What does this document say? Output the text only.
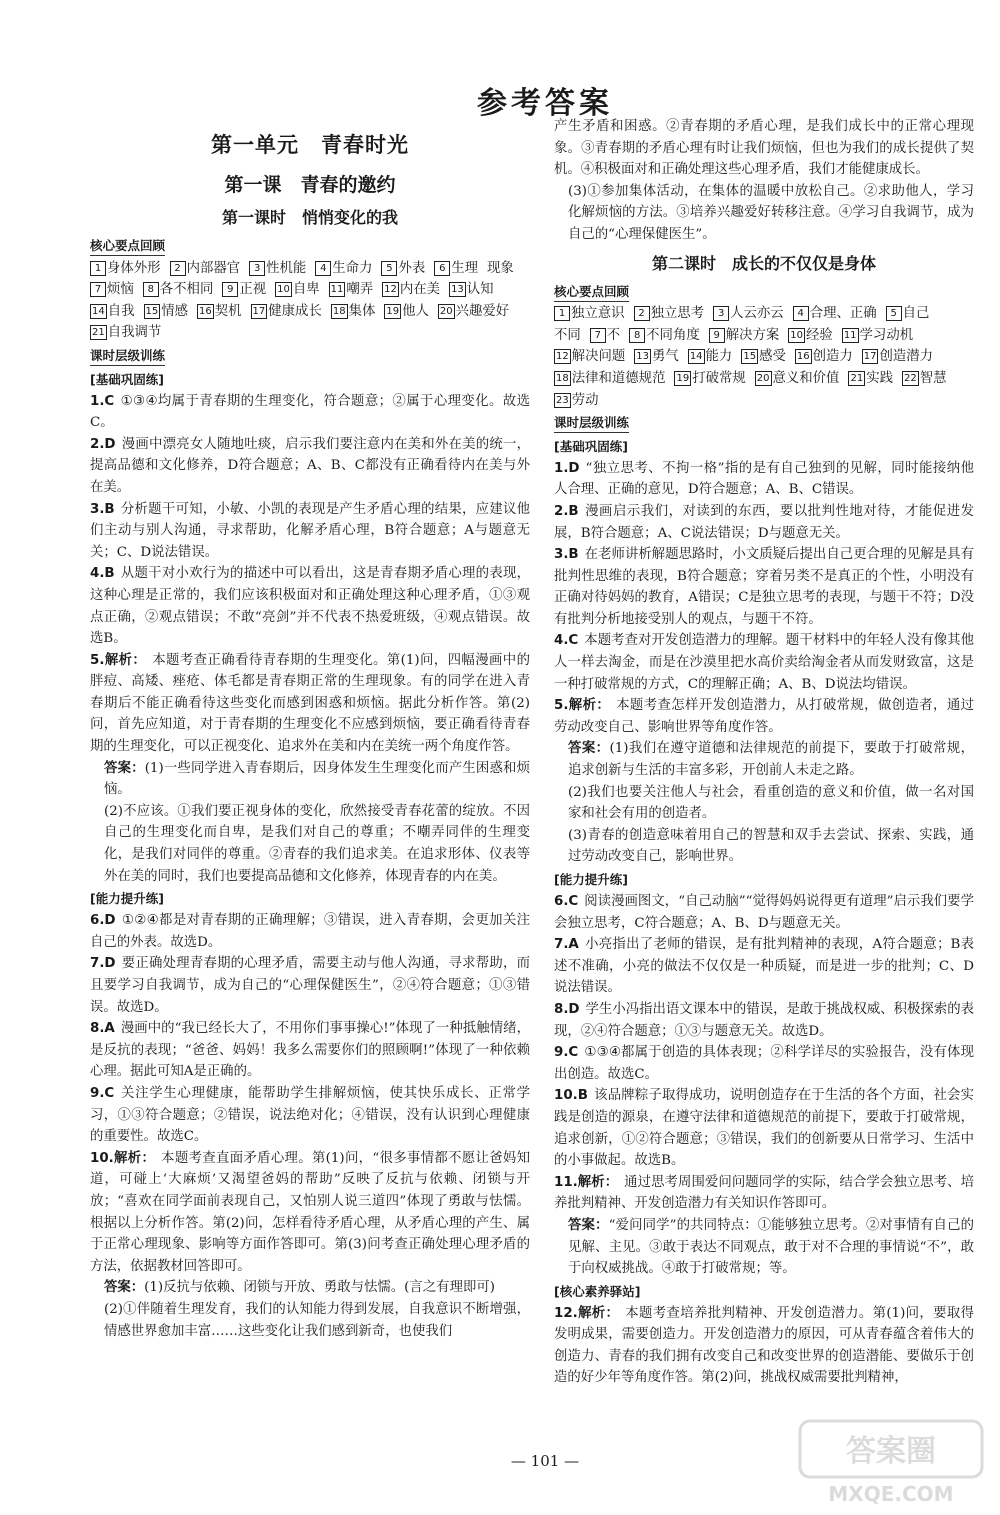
参考答案
第一单元　青春时光
第一课　青春的邀约
第一课时　悄悄变化的我
核心要点回顾
1 身体外形	2 内部器官	3 性机能	4 生命力	5 外表	6 生理 现象
7 烦恼	8 各不相同	9 正视 10 自卑 11 嘲弄 12 内在美 13 认知
14 自我 15 情感 16 契机 17 健康成长 18 集体 19 他人 20 兴趣爱好
21 自我调节
课时层级训练
[基础巩固练]
1.C ①③④均属于青春期的生理变化，符合题意；②属于心理变化。故选C。
2.D 漫画中漂亮女人随地吐痰，启示我们要注意内在美和外在美的统一，提高品德和文化修养，D符合题意；A、B、C都没有正确看待内在美与外在美。
3.B 分析题干可知，小敏、小凯的表现是产生矛盾心理的结果，应建议他们主动与别人沟通，寻求帮助，化解矛盾心理，B符合题意；A与题意无关；C、D说法错误。
4.B 从题干对小欢行为的描述中可以看出，这是青春期矛盾心理的表现，这种心理是正常的，我们应该积极面对和正确处理这种心理矛盾，①③观点正确，②观点错误；不敢“亮剑”并不代表不热爱班级，④观点错误。故选B。
5.解析： 本题考查正确看待青春期的生理变化。第(1)问，四幅漫画中的胖痘、高矮、痤疮、体毛都是青春期正常的生理现象。有的同学在进入青春期后不能正确看待这些变化而感到困惑和烦恼。据此分析作答。第(2)问，首先应知道，对于青春期的生理变化不应感到烦恼，要正确看待青春期的生理变化，可以正视变化、追求外在美和内在美统一两个角度作答。
答案：(1)一些同学进入青春期后，因身体发生生理变化而产生困惑和烦恼。
(2)不应该。①我们要正视身体的变化，欣然接受青春花蕾的绽放。不因自己的生理变化而自卑，是我们对自己的尊重；不嘲弄同伴的生理变化，是我们对同伴的尊重。②青春的我们追求美。在追求形体、仪表等外在美的同时，我们也要提高品德和文化修养，体现青春的内在美。
[能力提升练]
6.D ①②④都是对青春期的正确理解；③错误，进入青春期，会更加关注自己的外表。故选D。
7.D 要正确处理青春期的心理矛盾，需要主动与他人沟通，寻求帮助，而且要学习自我调节，成为自己的“心理保健医生”，②④符合题意；①③错误。故选D。
8.A 漫画中的“我已经长大了，不用你们事事操心!”体现了一种抵触情绪，是反抗的表现；“爸爸、妈妈！我多么需要你们的照顾啊!”体现了一种依赖心理。据此可知A是正确的。
9.C 关注学生心理健康，能帮助学生排解烦恼，使其快乐成长、正常学习，①③符合题意；②错误，说法绝对化；④错误，没有认识到心理健康的重要性。故选C。
10.解析： 本题考查直面矛盾心理。第(1)问，“很多事情都不愿让爸妈知道，可碰上‘大麻烦’又渴望爸妈的帮助”反映了反抗与依赖、闭锁与开放；“喜欢在同学面前表现自己，又怕别人说三道四”体现了勇敢与怯懦。根据以上分析作答。第(2)问，怎样看待矛盾心理，从矛盾心理的产生、属于正常心理现象、影响等方面作答即可。第(3)问考查正确处理心理矛盾的方法，依据教材回答即可。
答案：(1)反抗与依赖、闭锁与开放、勇敢与怯懦。(言之有理即可)
(2)①伴随着生理发育，我们的认知能力得到发展，自我意识不断增强，情感世界愈加丰富……这些变化让我们感到新奇，也使我们
产生矛盾和困惑。②青春期的矛盾心理，是我们成长中的正常心理现象。③青春期的矛盾心理有时让我们烦恼，但也为我们的成长提供了契机。④积极面对和正确处理这些心理矛盾，我们才能健康成长。
(3)①参加集体活动，在集体的温暖中放松自己。②求助他人，学习化解烦恼的方法。③培养兴趣爱好转移注意。④学习自我调节，成为自己的“心理保健医生”。
第二课时　成长的不仅仅是身体
核心要点回顾
1 独立意识	2 独立思考	3 人云亦云	4 合理、正确	5 自己
不同	7 不	8 不同角度	9 解决方案 10 经验 11 学习动机
12 解决问题 13 勇气 14 能力 15 感受 16 创造力 17 创造潜力
18 法律和道德规范 19 打破常规 20 意义和价值 21 实践 22 智慧
23 劳动
课时层级训练
[基础巩固练]
1.D “独立思考、不拘一格”指的是有自己独到的见解，同时能接纳他人合理、正确的意见，D符合题意；A、B、C错误。
2.B 漫画启示我们，对读到的东西，要以批判性地对待，才能促进发展，B符合题意；A、C说法错误；D与题意无关。
3.B 在老师讲析解题思路时，小文质疑后提出自己更合理的见解是具有批判性思维的表现，B符合题意；穿着另类不是真正的个性，小明没有正确对待妈妈的教育，A错误；C是独立思考的表现，与题干不符；D没有批判分析地接受别人的观点，与题干不符。
4.C 本题考查对开发创造潜力的理解。题干材料中的年轻人没有像其他人一样去淘金，而是在沙漠里把水高价卖给淘金者从而发财致富，这是一种打破常规的方式，C的理解正确；A、B、D说法均错误。
5.解析： 本题考查怎样开发创造潜力，从打破常规，做创造者，通过劳动改变自己、影响世界等角度作答。
答案：(1)我们在遵守道德和法律规范的前提下，要敢于打破常规，追求创新与生活的丰富多彩，开创前人未走之路。
(2)我们也要关注他人与社会，看重创造的意义和价值，做一名对国家和社会有用的创造者。
(3)青春的创造意味着用自己的智慧和双手去尝试、探索、实践，通过劳动改变自己，影响世界。
[能力提升练]
6.C 阅读漫画图文，“自己动脑”“觉得妈妈说得更有道理”启示我们要学会独立思考，C符合题意；A、B、D与题意无关。
7.A 小亮指出了老师的错误，是有批判精神的表现，A符合题意；B表述不准确，小亮的做法不仅仅是一种质疑，而是进一步的批判；C、D说法错误。
8.D 学生小冯指出语文课本中的错误，是敢于挑战权威、积极探索的表现，②④符合题意；①③与题意无关。故选D。
9.C ①③④都属于创造的具体表现；②科学详尽的实验报告，没有体现出创造。故选C。
10.B 该品牌粽子取得成功，说明创造存在于生活的各个方面，社会实践是创造的源泉，在遵守法律和道德规范的前提下，要敢于打破常规，追求创新，①②符合题意；③错误，我们的创新要从日常学习、生活中的小事做起。故选B。
11.解析： 通过思考周围爱问问题同学的实际，结合学会独立思考、培养批判精神、开发创造潜力有关知识作答即可。
答案：“爱问同学”的共同特点：①能够独立思考。②对事情有自己的见解、主见。③敢于表达不同观点，敢于对不合理的事情说“不”，敢于向权威挑战。④敢于打破常规；等。
[核心素养驿站]
12.解析： 本题考查培养批判精神、开发创造潜力。第(1)问，要取得发明成果，需要创造力。开发创造潜力的原因，可从青春蕴含着伟大的创造力、青春的我们拥有改变自己和改变世界的创造潜能、要做乐于创造的好少年等角度作答。第(2)问，挑战权威需要批判精神，
— 101 —	答案圈
MXQE.COM
